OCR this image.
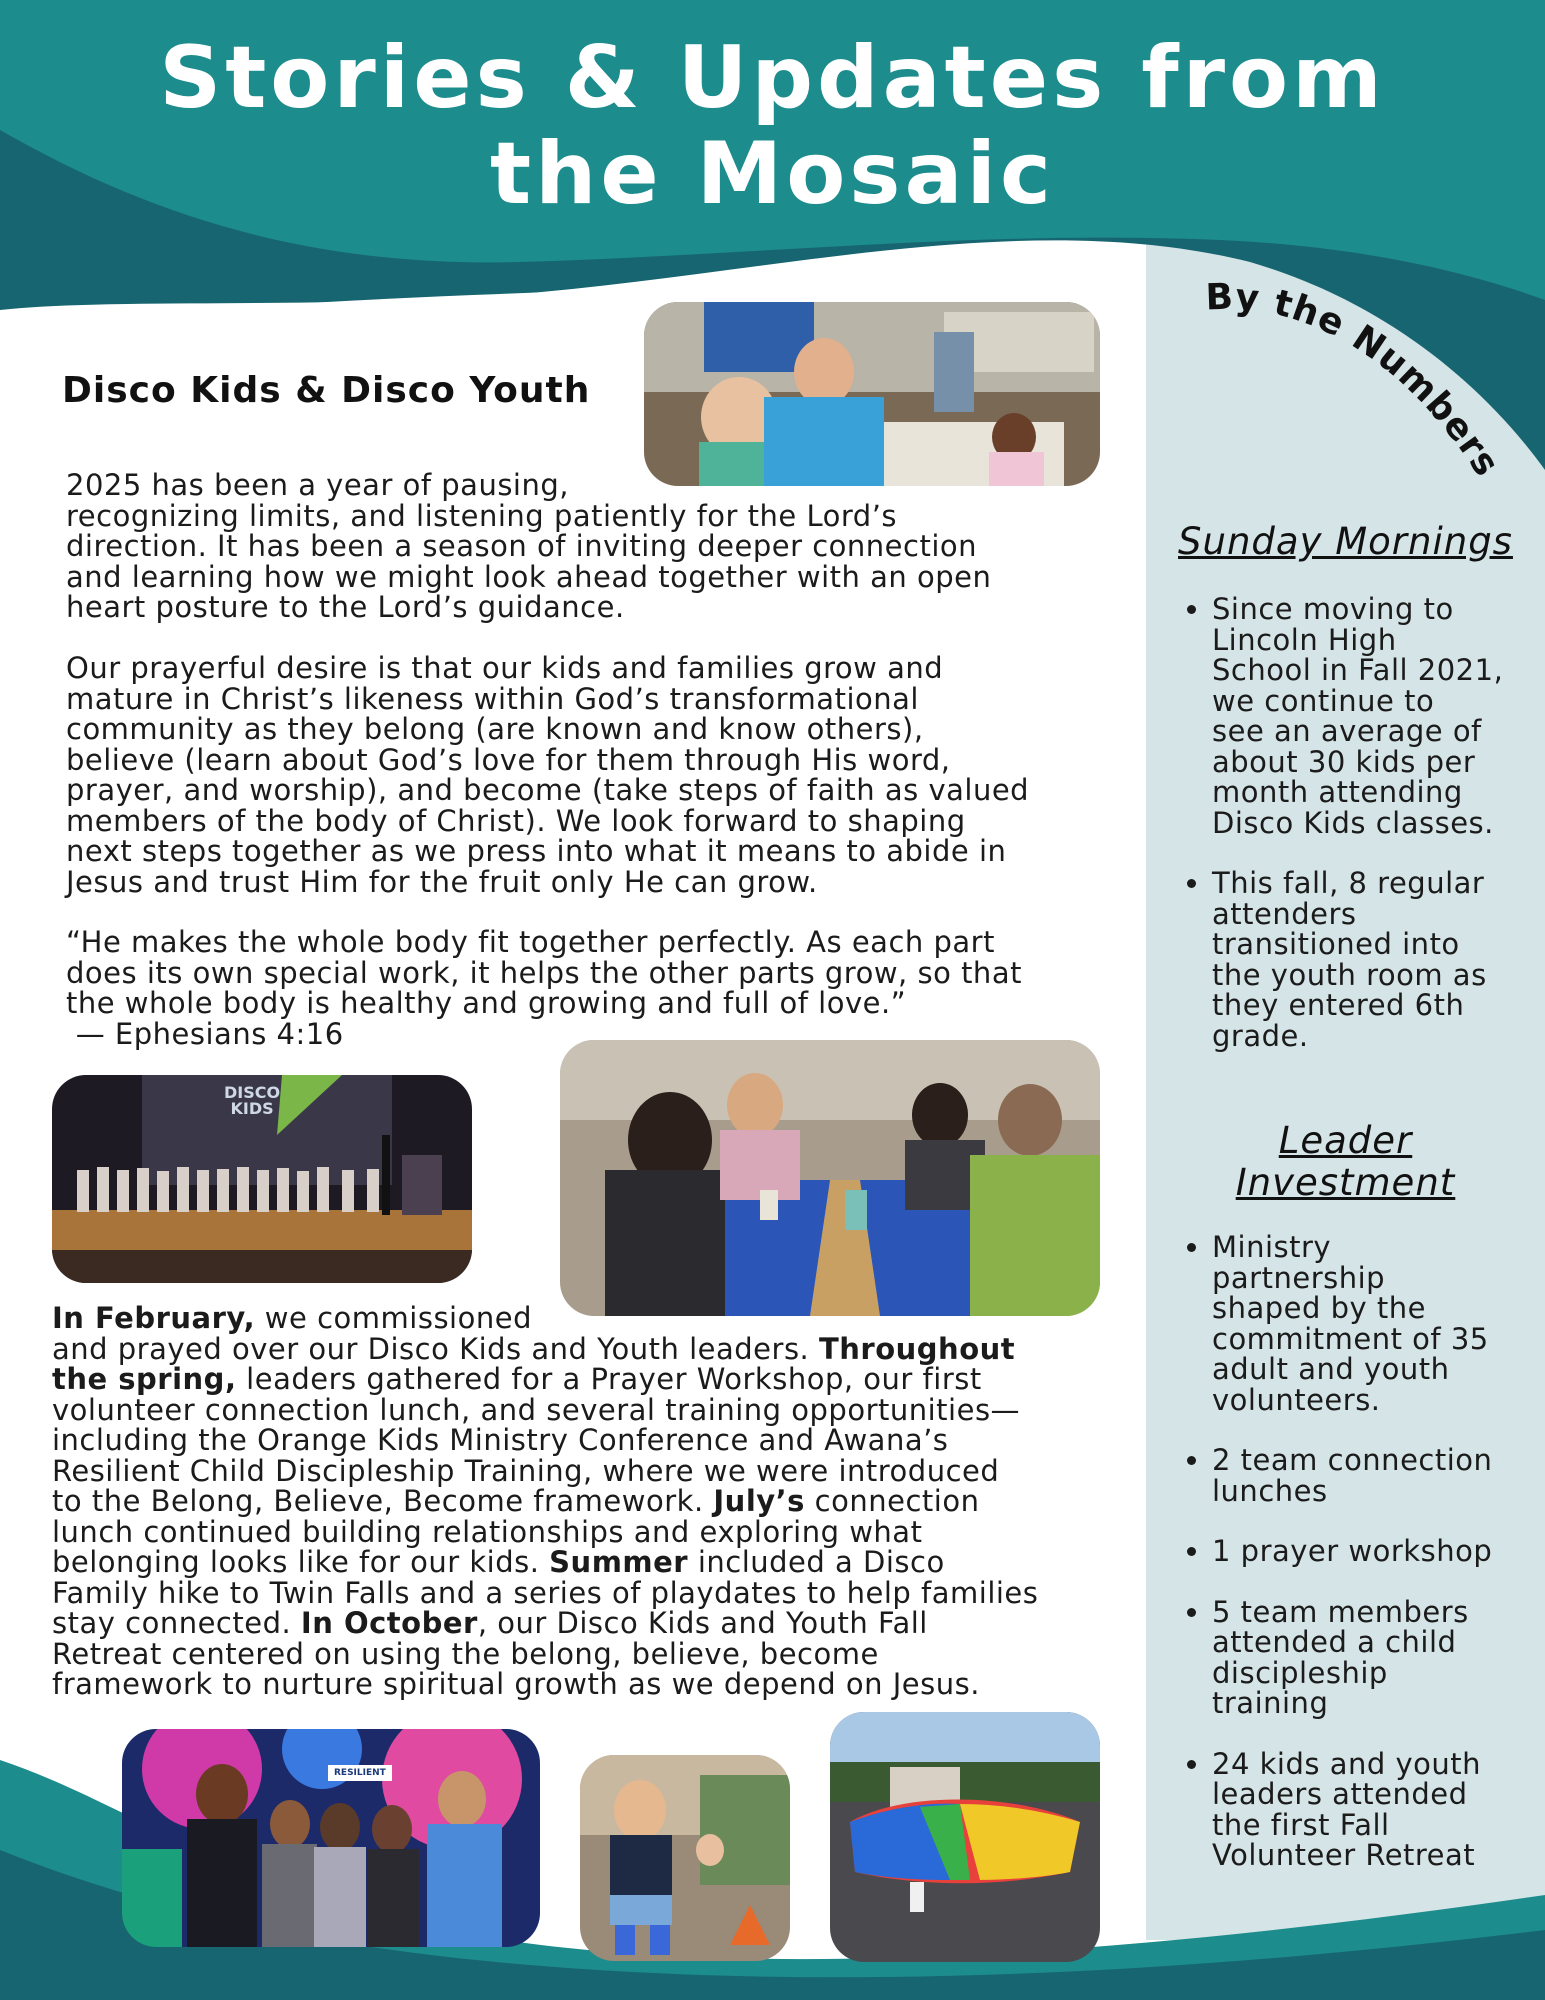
Stories & Updates from
the Mosaic
Disco Kids & Disco Youth

2025 has been a year of pausing,
recognizing limits, and listening patiently for the Lord’s
direction. It has been a season of inviting deeper connection
and learning how we might look ahead together with an open
heart posture to the Lord’s guidance.

Our prayerful desire is that our kids and families grow and
mature in Christ’s likeness within God’s transformational
community as they belong (are known and know others),
believe (learn about God’s love for them through His word,
prayer, and worship), and become (take steps of faith as valued
members of the body of Christ). We look forward to shaping
next steps together as we press into what it means to abide in
Jesus and trust Him for the fruit only He can grow.

“He makes the whole body fit together perfectly. As each part
does its own special work, it helps the other parts grow, so that
the whole body is healthy and growing and full of love.”
— Ephesians 4:16

DISCO
KIDS

In February, we commissioned
and prayed over our Disco Kids and Youth leaders. Throughout
the spring, leaders gathered for a Prayer Workshop, our first
volunteer connection lunch, and several training opportunities—
including the Orange Kids Ministry Conference and Awana’s
Resilient Child Discipleship Training, where we were introduced
to the Belong, Believe, Become framework. July’s connection
lunch continued building relationships and exploring what
belonging looks like for our kids. Summer included a Disco
Family hike to Twin Falls and a series of playdates to help families
stay connected. In October, our Disco Kids and Youth Fall
Retreat centered on using the belong, believe, become
framework to nurture spiritual growth as we depend on Jesus.

RESILIENT
By the Numbers
Sunday Mornings
• Since moving to
Lincoln High
School in Fall 2021,
we continue to
see an average of
about 30 kids per
month attending
Disco Kids classes.
• This fall, 8 regular
attenders
transitioned into
the youth room as
they entered 6th
grade.
Leader
Investment
• Ministry
partnership
shaped by the
commitment of 35
adult and youth
volunteers.
• 2 team connection
lunches
• 1 prayer workshop
• 5 team members
attended a child
discipleship
training
• 24 kids and youth
leaders attended
the first Fall
Volunteer Retreat
